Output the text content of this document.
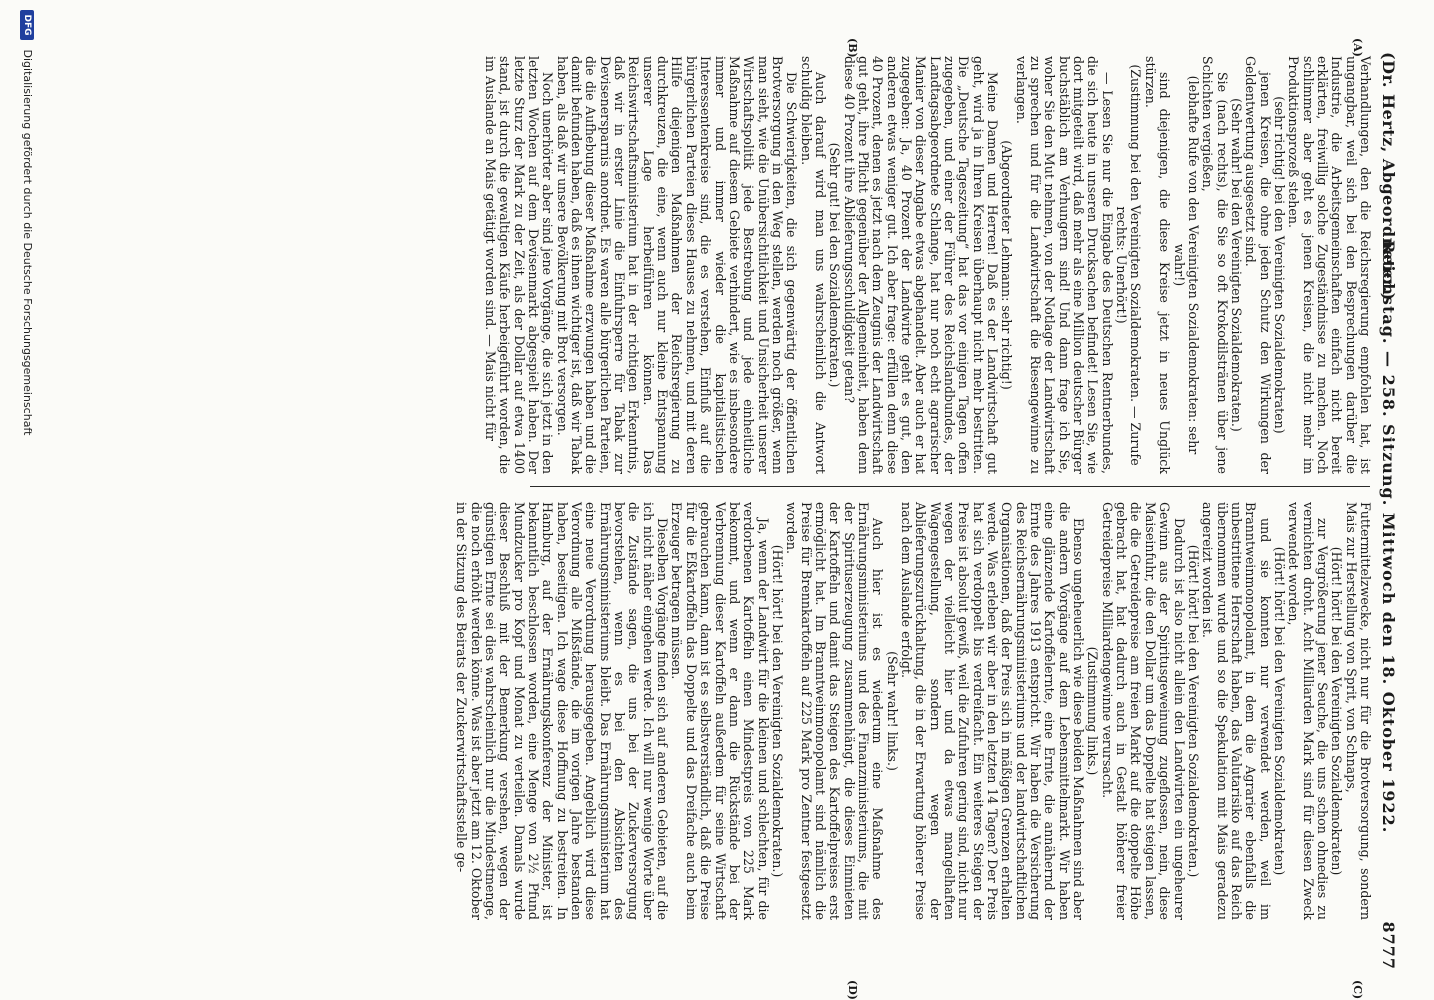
(Dr. Hertz, Abgeordneter.)
Reichstag. — 258. Sitzung. Mittwoch den 18. Oktober 1922.
8777
(A)
(B)
(C)
(D)

Verhandlungen, den die Reichsregierung empfohlen hat, ist ungangbar, weil sich bei den Besprechungen darüber die Industrie, die Arbeitsgemeinschaften einfach nicht bereit erklärten, freiwillig solche Zugeständnisse zu machen. Noch schlimmer aber geht es jenen Kreisen, die nicht mehr im Produktionsprozeß stehen.

(sehr richtig! bei den Vereinigten Sozialdemokraten)

jenen Kreisen, die ohne jeden Schutz den Wirkungen der Geldentwertung ausgesetzt sind.

(Sehr wahr! bei den Vereinigten Sozialdemokraten.)

Sie (nach rechts), die Sie so oft Krokodilstränen über jene Schichten vergießen,

(lebhafte Rufe von den Vereinigten Sozialdemokraten: sehr wahr!)

sind diejenigen, die diese Kreise jetzt in neues Unglück stürzen.

(Zustimmung bei den Vereinigten Sozialdemokraten. — Zurufe rechts: Unerhört!)

— Lesen Sie nur die Eingabe des Deutschen Rentnerbundes, die sich heute in unseren Drucksachen befindet! Lesen Sie, wie dort mitgeteilt wird, daß mehr als eine Million deutscher Bürger buchstäblich am Verhungern sind! Und dann frage ich Sie, woher Sie den Mut nehmen, von der Notlage der Landwirtschaft zu sprechen und für die Landwirtschaft die Riesengewinne zu verlangen.

(Abgeordneter Lehmann: sehr richtig!)

Meine Damen und Herren! Daß es der Landwirtschaft gut geht, wird ja in Ihren Kreisen überhaupt nicht mehr bestritten. Die „Deutsche Tageszeitung“ hat das vor einigen Tagen offen zugegeben, und einer der Führer des Reichslandbundes, der Landtagsabgeordnete Schlange, hat nur noch echt agrarischer Manier von dieser Angabe etwas abgehandelt. Aber auch er hat zugegeben: Ja, 40 Prozent der Landwirte geht es gut, den anderen etwas weniger gut. Ich aber frage: erfüllen denn diese 40 Prozent, denen es jetzt nach dem Zeugnis der Landwirtschaft gut geht, ihre Pflicht gegenüber der Allgemeinheit, haben denn diese 40 Prozent ihre Ablieferungsschuldigkeit getan?

(Sehr gut! bei den Sozialdemokraten.)

Auch darauf wird man uns wahrscheinlich die Antwort schuldig bleiben.

Die Schwierigkeiten, die sich gegenwärtig der öffentlichen Brotversorgung in den Weg stellen, werden noch größer, wenn man sieht, wie die Unübersichtlichkeit und Unsicherheit unserer Wirtschaftspolitik jede Bestrebung und jede einheitliche Maßnahme auf diesem Gebiete verhindert, wie es insbesondere immer und immer wieder die kapitalistischen Interessentenkreise sind, die es verstehen, Einfluß auf die bürgerlichen Parteien dieses Hauses zu nehmen, und mit deren Hilfe diejenigen Maßnahmen der Reichsregierung zu durchkreuzen, die eine, wenn auch nur kleine Entspannung unserer Lage herbeiführen können. Das Reichswirtschaftsministerium hat in der richtigen Erkenntnis, daß wir in erster Linie die Einfuhrsperre für Tabak zur Devisenersparnis anordnet. Es waren alle bürgerlichen Parteien, die die Aufhebung dieser Maßnahme erzwungen haben und die damit befunden haben, daß es ihnen wichtiger ist, daß wir Tabak haben, als daß wir unsere Bevölkerung mit Brot versorgen.

Noch unerhörter aber sind jene Vorgänge, die sich jetzt in den letzten Wochen auf dem Devisenmarkt abgespielt haben. Der letzte Sturz der Mark zu der Zeit, als der Dollar auf etwa 1400 stand, ist durch die gewaltigen Käufe herbeigeführt worden, die im Auslande an Mais getätigt worden sind. — Mais nicht für

Futtermittelzwecke, nicht nur für die Brotversorgung, sondern Mais zur Herstellung von Sprit, von Schnaps,

(Hört! hört! bei den Vereinigten Sozialdemokraten)

zur Vergrößerung jener Seuche, die uns schon ohnedies zu vernichten droht. Acht Milliarden Mark sind für diesen Zweck verwendet worden,

(Hört! hört! bei den Vereinigten Sozialdemokraten)

und sie konnten nur verwendet werden, weil im Branntweinmonopolamt, in dem die Agrarier ebenfalls die unbestrittene Herrschaft haben, das Valutarisiko auf das Reich übernommen wurde und so die Spekulation mit Mais geradezu angereizt worden ist.

(Hört! hört! bei den Vereinigten Sozialdemokraten.)

Dadurch ist also nicht allein den Landwirten ein ungeheurer Gewinn aus der Spiritusgeweinung zugeflossen, nein, diese Maiseinfuhr, die den Dollar um das Doppelte hat steigen lassen, die die Getreidepreise am freien Markt auf die doppelte Höhe gebracht hat, hat dadurch auch in Gestalt höherer freier Getreidepreise Milliardengewinne verursacht.

(Zustimmung links.)

Ebenso ungeheuerlich wie diese beiden Maßnahmen sind aber die andern Vorgänge auf dem Lebensmittelmarkt. Wir haben eine glänzende Kartoffelernte, eine Ernte, die annähernd der Ernte des Jahres 1913 entspricht. Wir haben die Versicherung des Reichsernährungsministeriums und der landwirtschaftlichen Organisationen, daß der Preis sich in mäßigen Grenzen erhalten werde. Was erleben wir aber in den letzten 14 Tagen? Der Preis hat sich verdoppelt bis verdreifacht. Ein weiteres Steigen der Preise ist absolut gewiß, weil die Zufuhren gering sind, nicht nur wegen der vielleicht hier und da etwas mangelhaften Wagengestellung, sondern wegen der Ablieferungszurückhaltung, die in der Erwartung höherer Preise nach dem Auslande erfolgt.

(Sehr wahr! links.)

Auch hier ist es wiederum eine Maßnahme des Ernährungsministeriums und des Finanzministeriums, die mit der Spirituserzeugung zusammenhängt, die dieses Einmieten der Kartoffeln und damit das Steigen des Kartoffelpreises erst ermöglicht hat. Im Branntweinmonopolamt sind nämlich die Preise für Brennkartoffeln auf 225 Mark pro Zentner festgesetzt worden.

(Hört! hört! bei den Vereinigten Sozialdemokraten.)

Ja, wenn der Landwirt für die kleinen und schlechten, für die verdorbenen Kartoffeln einen Mindestpreis von 225 Mark bekommt, und wenn er dann die Rückstände bei der Verbrennung dieser Kartoffeln außerdem für seine Wirtschaft gebrauchen kann, dann ist es selbstverständlich, daß die Preise für die Eßkartoffeln das Doppelte und das Dreifache auch beim Erzeuger betragen müssen.

Dieselben Vorgänge finden sich auf anderen Gebieten, auf die ich nicht näher eingehen werde. Ich will nur wenige Worte über die Zustände sagen, die uns bei der Zuckerversorgung bevorstehen, wenn es bei den Absichten des Ernährungsministeriums bleibt. Das Ernährungsministerium hat eine neue Verordnung herausgegeben. Angeblich wird diese Verordnung alle Mißstände, die im vorigen Jahre bestanden haben, beseitigen. Ich wage diese Hoffnung zu bestreiten. In Hamburg, auf der Ernährungskonferenz der Minister, ist bekanntlich beschlossen worden, eine Menge von 2½ Pfund Mundzucker pro Kopf und Monat zu verteilen. Damals wurde dieser Beschluß mit der Bemerkung versehen, wegen der günstigen Ernte sei dies wahrscheinlich nur die Mindestmenge, die noch erhöht werden könne. Was ist aber jetzt am 12. Oktober in der Sitzung des Beirats der Zuckerwirtschaftsstelle ge-

DFG Digitalisierung gefördert durch die Deutsche Forschungsgemeinschaft
